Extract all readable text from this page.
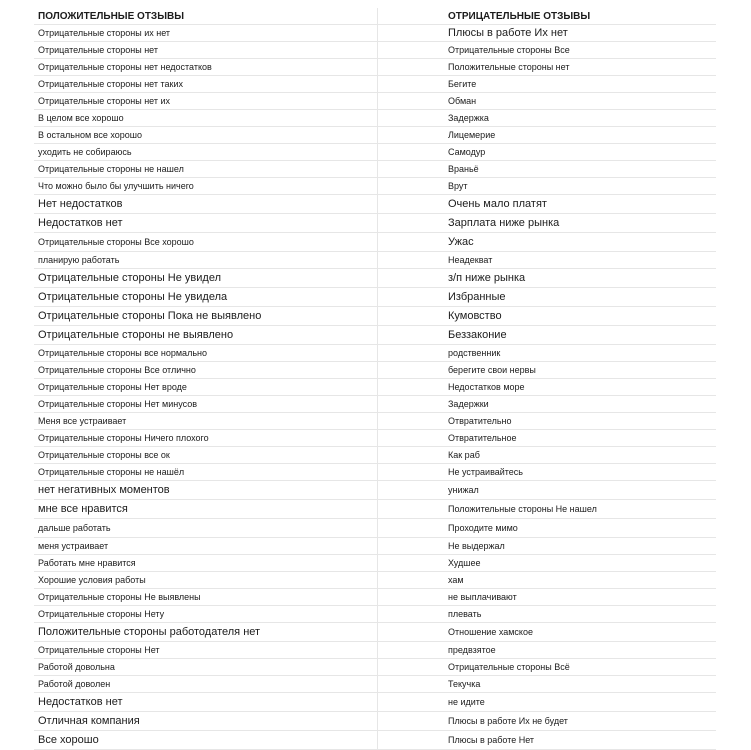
ПОЛОЖИТЕЛЬНЫЕ ОТЗЫВЫ	ОТРИЦАТЕЛЬНЫЕ ОТЗЫВЫ
Отрицательные стороны их нет	Плюсы в работе Их нет
Отрицательные стороны нет	Отрицательные стороны Все
Отрицательные стороны нет недостатков	Положительные стороны нет
Отрицательные стороны нет таких	Бегите
Отрицательные стороны нет их	Обман
В целом все хорошо	Задержка
В остальном все хорошо	Лицемерие
уходить не собираюсь	Самодур
Отрицательные стороны не нашел	Враньё
Что можно было бы улучшить ничего	Врут
Нет недостатков	Очень мало платят
Недостатков нет	Зарплата ниже рынка
Отрицательные стороны Все хорошо	Ужас
планирую работать	Неадекват
Отрицательные стороны Не увидел	з/п ниже рынка
Отрицательные стороны Не увидела	Избранные
Отрицательные стороны Пока не выявлено	Кумовство
Отрицательные стороны не выявлено	Беззаконие
Отрицательные стороны все нормально	родственник
Отрицательные стороны Все отлично	берегите свои нервы
Отрицательные стороны Нет вроде	Недостатков море
Отрицательные стороны Нет минусов	Задержки
Меня все устраивает	Отвратительно
Отрицательные стороны Ничего плохого	Отвратительное
Отрицательные стороны все ок	Как раб
Отрицательные стороны не нашёл	Не устраивайтесь
нет негативных моментов	унижал
мне все нравится	Положительные стороны Не нашел
дальше работать	Проходите мимо
меня устраивает	Не выдержал
Работать мне нравится	Худшее
Хорошие условия работы	хам
Отрицательные стороны Не выявлены	не выплачивают
Отрицательные стороны Нету	плевать
Положительные стороны работодателя нет	Отношение хамское
Отрицательные стороны Нет	предвзятое
Работой довольна	Отрицательные стороны Всё
Работой доволен	Текучка
Недостатков нет	не идите
Отличная компания	Плюсы в работе Их не будет
Все хорошо	Плюсы в работе Нет
